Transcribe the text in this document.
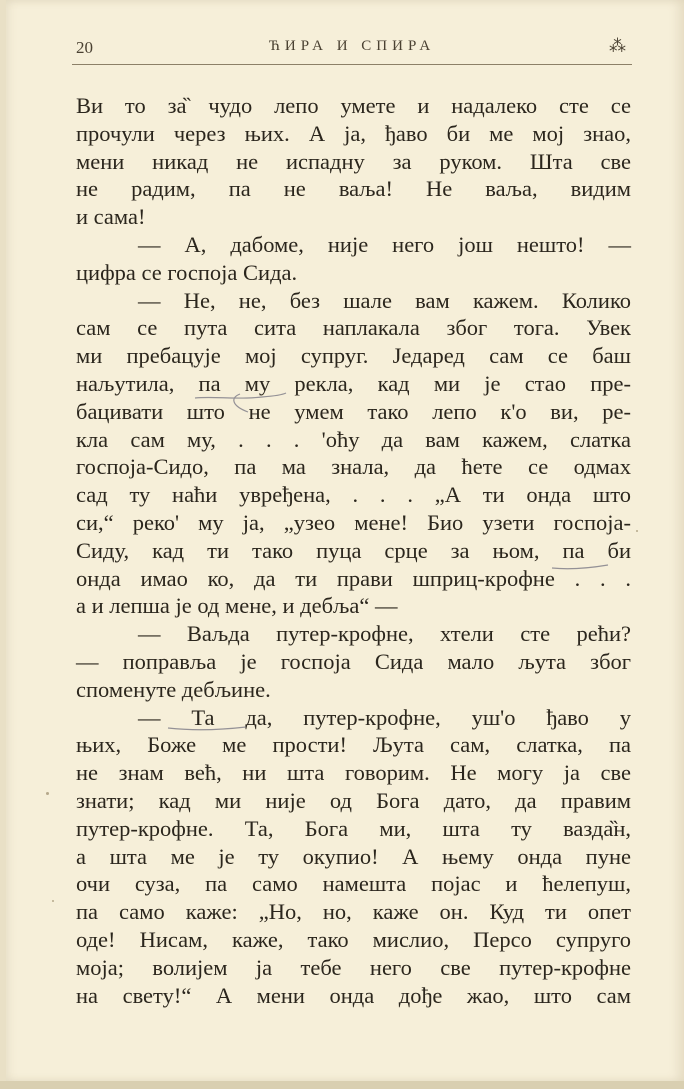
20	ЋИРА И СПИРА	⁂
Ви то за̏ чудо лепо умете и надалеко сте се
прочули через њих. А ја, ђаво би ме мој знао,
мени никад не испадну за руком. Шта све
не радим, па не ваља! Не ваља, видим
и сама!
— А, дабоме, није него још нешто! —
цифра се госпоја Сида.
— Не, не, без шале вам кажем. Колико
сам се пута сита наплакала због тога. Увек
ми пребацује мој супруг. Једаред сам се баш
наљутила, па му рекла, кад ми је стао пре-
бацивати што не умем тако лепо к'о ви, ре-
кла сам му, . . . 'оћу да вам кажем, слатка
госпоја-Сидо, па ма знала, да ћете се одмах
сад ту наћи увређена, . . . „А ти онда што
си,“ реко' му ја, „узео мене! Био узети госпоја-
Сиду, кад ти тако пуца срце за њом, па би
онда имао ко, да ти прави шприц-крофне . . .
а и лепша је од мене, и дебља“ —
— Ваљда путер-крофне, хтели сте рећи?
— поправља је госпоја Сида мало љута због
споменуте дебљине.
— Та да, путер-крофне, уш'о ђаво у
њих, Боже ме прости! Љута сам, слатка, па
не знам већ, ни шта говорим. Не могу ја све
знати; кад ми није од Бога дато, да правим
путер-крофне. Та, Бога ми, шта ту вазда̏н,
а шта ме је ту окупио! А њему онда пуне
очи суза, па само намешта појас и ћелепуш,
па само каже: „Но, но, каже он. Куд ти опет
оде! Нисам, каже, тако мислио, Персо супруго
моја; волијем ја тебе него све путер-крофне
на свету!“ А мени онда дође жао, што сам
